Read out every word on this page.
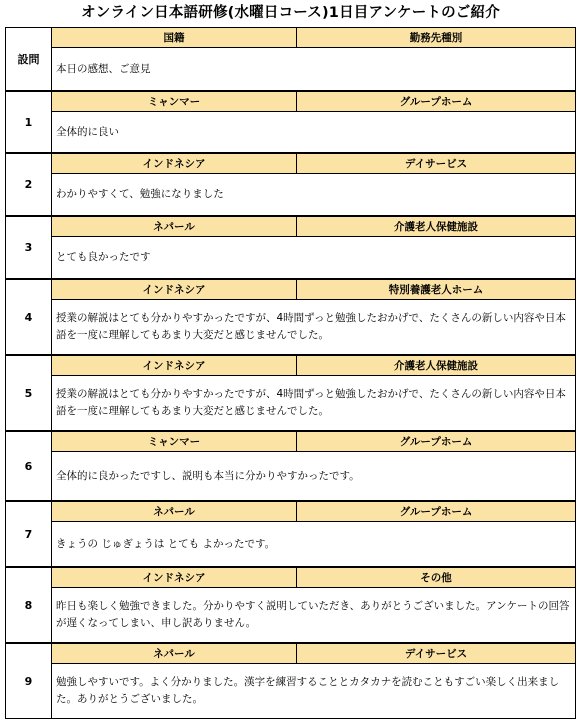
オンライン日本語研修(水曜日コース)1日目アンケートのご紹介
設問	国籍	勤務先種別
	本日の感想、ご意見	
1	ミャンマー	グループホーム
	全体的に良い	
2	インドネシア	デイサービス
	わかりやすくて、勉強になりました	
3	ネパール	介護老人保健施設
	とても良かったです	
4	インドネシア	特別養護老人ホーム
	授業の解説はとても分かりやすかったですが、4時間ずっと勉強したおかげで、たくさんの新しい内容や日本語を一度に理解してもあまり大変だと感じませんでした。	
5	インドネシア	介護老人保健施設
	授業の解説はとても分かりやすかったですが、4時間ずっと勉強したおかげで、たくさんの新しい内容や日本語を一度に理解してもあまり大変だと感じませんでした。	
6	ミャンマー	グループホーム
	全体的に良かったですし、説明も本当に分かりやすかったです。	
7	ネパール	グループホーム
	きょうの じゅぎょうは とても よかったです。	
8	インドネシア	その他
	昨日も楽しく勉強できました。分かりやすく説明していただき、ありがとうございました。アンケートの回答が遅くなってしまい、申し訳ありません。	
9	ネパール	デイサービス
	勉強しやすいです。よく分かりました。漢字を練習することとカタカナを読むこともすごい楽しく出来ました。ありがとうございました。	
